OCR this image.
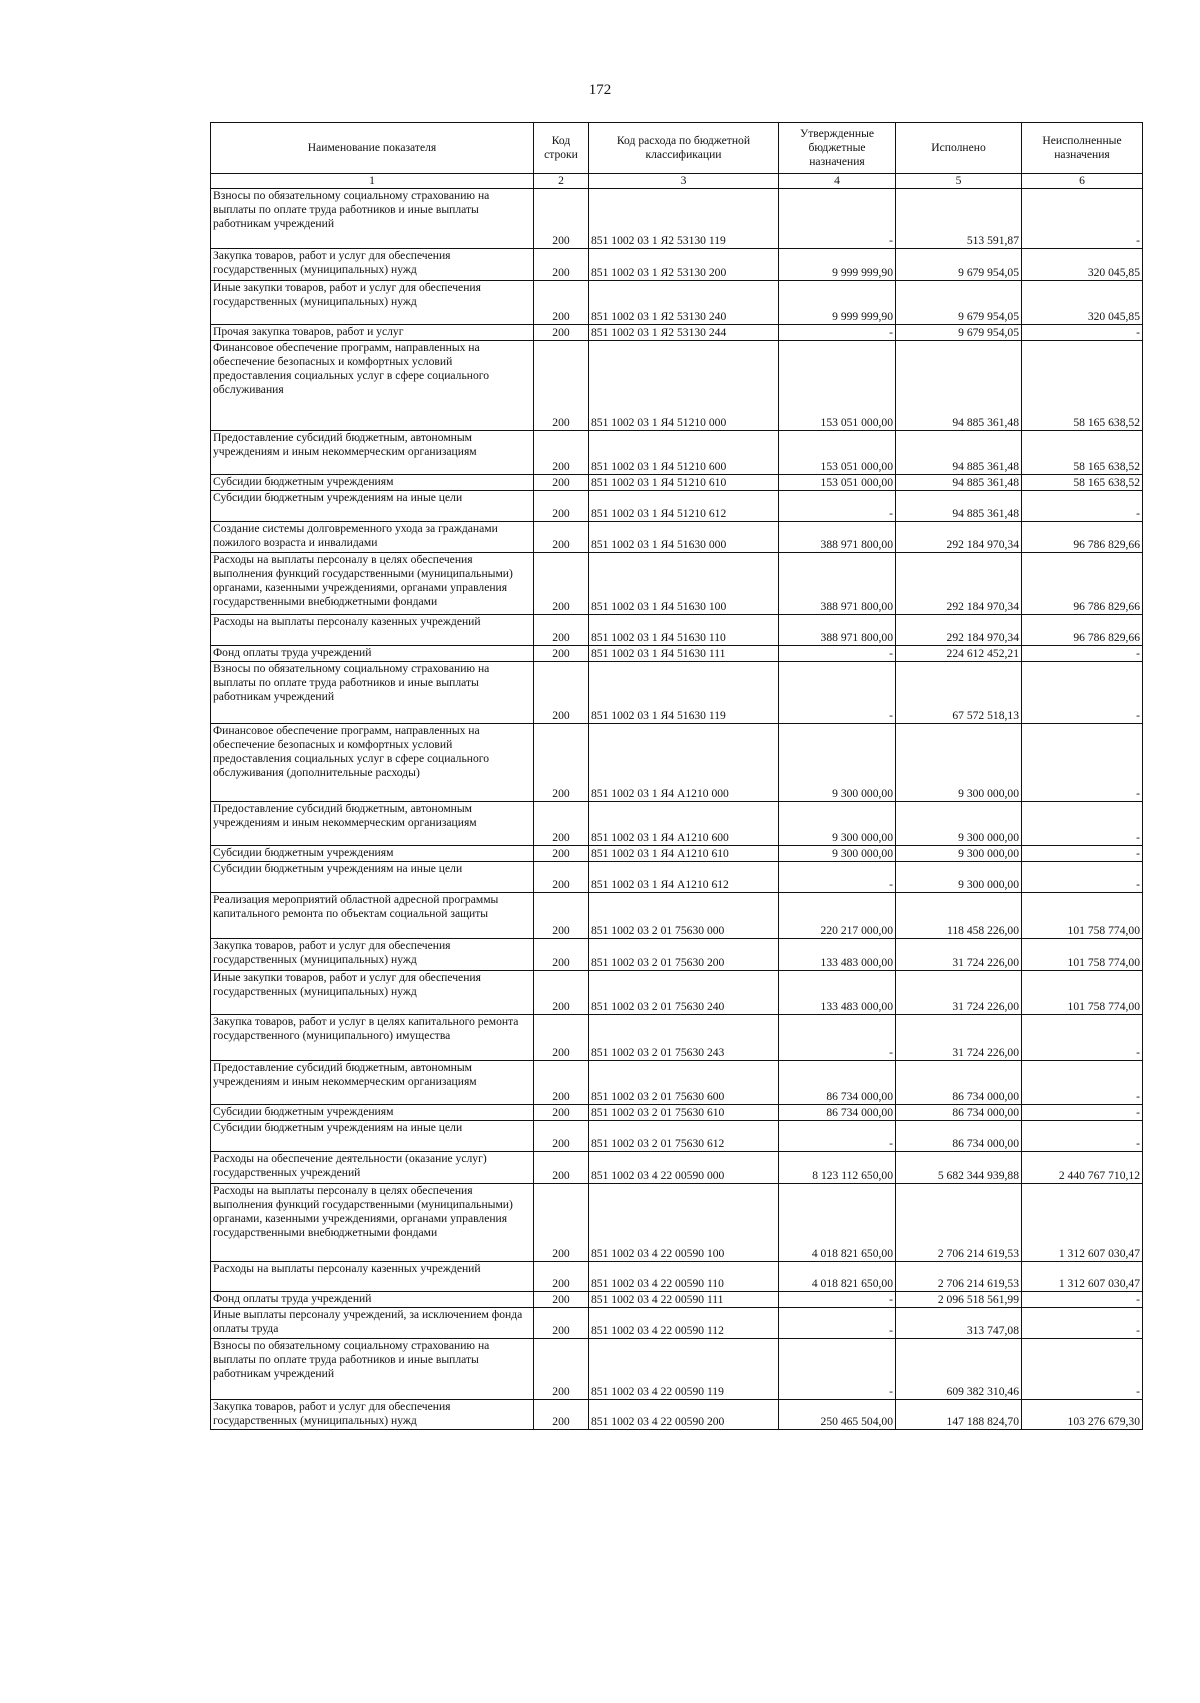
172
Наименование показателя	Код строки	Код расхода по бюджетной классификации	Утвержденные бюджетные назначения	Исполнено	Неисполненные назначения
1	2	3	4	5	6
Взносы по обязательному социальному страхованию на выплаты по оплате труда работников и иные выплаты работникам учреждений	200	851 1002 03 1 Я2 53130 119	-	513 591,87	-
Закупка товаров, работ и услуг для обеспечения государственных (муниципальных) нужд	200	851 1002 03 1 Я2 53130 200	9 999 999,90	9 679 954,05	320 045,85
Иные закупки товаров, работ и услуг для обеспечения государственных (муниципальных) нужд	200	851 1002 03 1 Я2 53130 240	9 999 999,90	9 679 954,05	320 045,85
Прочая закупка товаров, работ и услуг	200	851 1002 03 1 Я2 53130 244	-	9 679 954,05	-
Финансовое обеспечение программ, направленных на обеспечение безопасных и комфортных условий предоставления социальных услуг в сфере социального обслуживания	200	851 1002 03 1 Я4 51210 000	153 051 000,00	94 885 361,48	58 165 638,52
Предоставление субсидий бюджетным, автономным учреждениям и иным некоммерческим организациям	200	851 1002 03 1 Я4 51210 600	153 051 000,00	94 885 361,48	58 165 638,52
Субсидии бюджетным учреждениям	200	851 1002 03 1 Я4 51210 610	153 051 000,00	94 885 361,48	58 165 638,52
Субсидии бюджетным учреждениям на иные цели	200	851 1002 03 1 Я4 51210 612	-	94 885 361,48	-
Создание системы долговременного ухода за гражданами пожилого возраста и инвалидами	200	851 1002 03 1 Я4 51630 000	388 971 800,00	292 184 970,34	96 786 829,66
Расходы на выплаты персоналу в целях обеспечения выполнения функций государственными (муниципальными) органами, казенными учреждениями, органами управления государственными внебюджетными фондами	200	851 1002 03 1 Я4 51630 100	388 971 800,00	292 184 970,34	96 786 829,66
Расходы на выплаты персоналу казенных учреждений	200	851 1002 03 1 Я4 51630 110	388 971 800,00	292 184 970,34	96 786 829,66
Фонд оплаты труда учреждений	200	851 1002 03 1 Я4 51630 111	-	224 612 452,21	-
Взносы по обязательному социальному страхованию на выплаты по оплате труда работников и иные выплаты работникам учреждений	200	851 1002 03 1 Я4 51630 119	-	67 572 518,13	-
Финансовое обеспечение программ, направленных на обеспечение безопасных и комфортных условий предоставления социальных услуг в сфере социального обслуживания (дополнительные расходы)	200	851 1002 03 1 Я4 А1210 000	9 300 000,00	9 300 000,00	-
Предоставление субсидий бюджетным, автономным учреждениям и иным некоммерческим организациям	200	851 1002 03 1 Я4 А1210 600	9 300 000,00	9 300 000,00	-
Субсидии бюджетным учреждениям	200	851 1002 03 1 Я4 А1210 610	9 300 000,00	9 300 000,00	-
Субсидии бюджетным учреждениям на иные цели	200	851 1002 03 1 Я4 А1210 612	-	9 300 000,00	-
Реализация мероприятий областной адресной программы капитального ремонта по объектам социальной защиты	200	851 1002 03 2 01 75630 000	220 217 000,00	118 458 226,00	101 758 774,00
Закупка товаров, работ и услуг для обеспечения государственных (муниципальных) нужд	200	851 1002 03 2 01 75630 200	133 483 000,00	31 724 226,00	101 758 774,00
Иные закупки товаров, работ и услуг для обеспечения государственных (муниципальных) нужд	200	851 1002 03 2 01 75630 240	133 483 000,00	31 724 226,00	101 758 774,00
Закупка товаров, работ и услуг в целях капитального ремонта государственного (муниципального) имущества	200	851 1002 03 2 01 75630 243	-	31 724 226,00	-
Предоставление субсидий бюджетным, автономным учреждениям и иным некоммерческим организациям	200	851 1002 03 2 01 75630 600	86 734 000,00	86 734 000,00	-
Субсидии бюджетным учреждениям	200	851 1002 03 2 01 75630 610	86 734 000,00	86 734 000,00	-
Субсидии бюджетным учреждениям на иные цели	200	851 1002 03 2 01 75630 612	-	86 734 000,00	-
Расходы на обеспечение деятельности (оказание услуг) государственных учреждений	200	851 1002 03 4 22 00590 000	8 123 112 650,00	5 682 344 939,88	2 440 767 710,12
Расходы на выплаты персоналу в целях обеспечения выполнения функций государственными (муниципальными) органами, казенными учреждениями, органами управления государственными внебюджетными фондами	200	851 1002 03 4 22 00590 100	4 018 821 650,00	2 706 214 619,53	1 312 607 030,47
Расходы на выплаты персоналу казенных учреждений	200	851 1002 03 4 22 00590 110	4 018 821 650,00	2 706 214 619,53	1 312 607 030,47
Фонд оплаты труда учреждений	200	851 1002 03 4 22 00590 111	-	2 096 518 561,99	-
Иные выплаты персоналу учреждений, за исключением фонда оплаты труда	200	851 1002 03 4 22 00590 112	-	313 747,08	-
Взносы по обязательному социальному страхованию на выплаты по оплате труда работников и иные выплаты работникам учреждений	200	851 1002 03 4 22 00590 119	-	609 382 310,46	-
Закупка товаров, работ и услуг для обеспечения государственных (муниципальных) нужд	200	851 1002 03 4 22 00590 200	250 465 504,00	147 188 824,70	103 276 679,30
